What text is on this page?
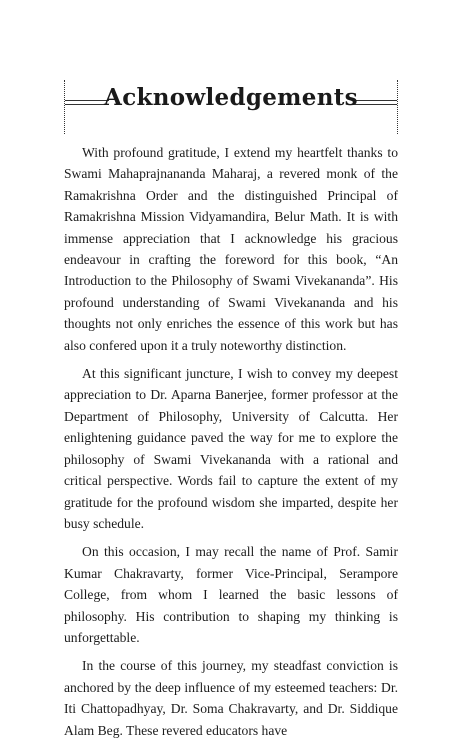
Acknowledgements

With profound gratitude, I extend my heartfelt thanks to Swami Mahaprajnananda Maharaj, a revered monk of the Ramakrishna Order and the distinguished Principal of Ramakrishna Mission Vidyamandira, Belur Math. It is with immense appreciation that I acknowledge his gracious endeavour in crafting the foreword for this book, “An Introduction to the Philosophy of Swami Vivekananda”. His profound understanding of Swami Vivekananda and his thoughts not only enriches the essence of this work but has also confered upon it a truly noteworthy distinction.

At this significant juncture, I wish to convey my deepest appreciation to Dr. Aparna Banerjee, former professor at the Department of Philosophy, University of Calcutta. Her enlightening guidance paved the way for me to explore the philosophy of Swami Vivekananda with a rational and critical perspective. Words fail to capture the extent of my gratitude for the profound wisdom she imparted, despite her busy schedule.

On this occasion, I may recall the name of Prof. Samir Kumar Chakravarty, former Vice-Principal, Serampore College, from whom I learned the basic lessons of philosophy. His contribution to shaping my thinking is unforgettable.

In the course of this journey, my steadfast conviction is anchored by the deep influence of my esteemed teachers: Dr. Iti Chattopadhyay, Dr. Soma Chakravarty, and Dr. Siddique Alam Beg. These revered educators have
